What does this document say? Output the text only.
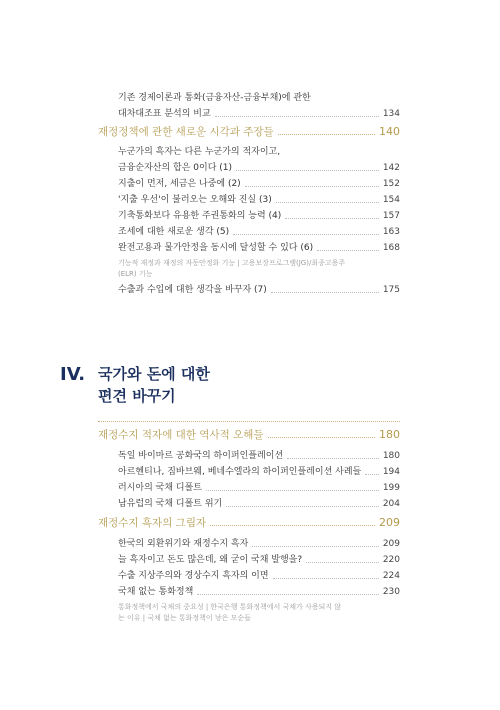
기존 경제이론과 통화(금융자산-금융부채)에 관한
대차대조표 분석의 비교	134
재정정책에 관한 새로운 시각과 주장들	140
누군가의 흑자는 다른 누군가의 적자이고,
금융순자산의 합은 0이다 (1)	142
지출이 먼저, 세금은 나중에 (2)	152
'지출 우선'이 불러오는 오해와 진실 (3)	154
기축통화보다 유용한 주권통화의 능력 (4)	157
조세에 대한 새로운 생각 (5)	163
완전고용과 물가안정을 동시에 달성할 수 있다 (6)	168
기능적 재정과 재정의 자동안정화 기능 | 고용보장프로그램(JG)/최종고용주
(ELR) 기능
수출과 수입에 대한 생각을 바꾸자 (7)	175
IV. 국가와 돈에 대한
편견 바꾸기
재정수지 적자에 대한 역사적 오해들	180
독일 바이마르 공화국의 하이퍼인플레이션	180
아르헨티나, 짐바브웨, 베네수엘라의 하이퍼인플레이션 사례들 194
러시아의 국채 디폴트	199
남유럽의 국채 디폴트 위기	204
재정수지 흑자의 그림자	209
한국의 외환위기와 재정수지 흑자	209
늘 흑자이고 돈도 많은데, 왜 굳이 국채 발행을?	220
수출 지상주의와 경상수지 흑자의 이면	224
국채 없는 통화정책	230
통화정책에서 국채의 중요성 | 한국은행 통화정책에서 국채가 사용되지 않
는 이유 | 국채 없는 통화정책이 낳은 모순들
